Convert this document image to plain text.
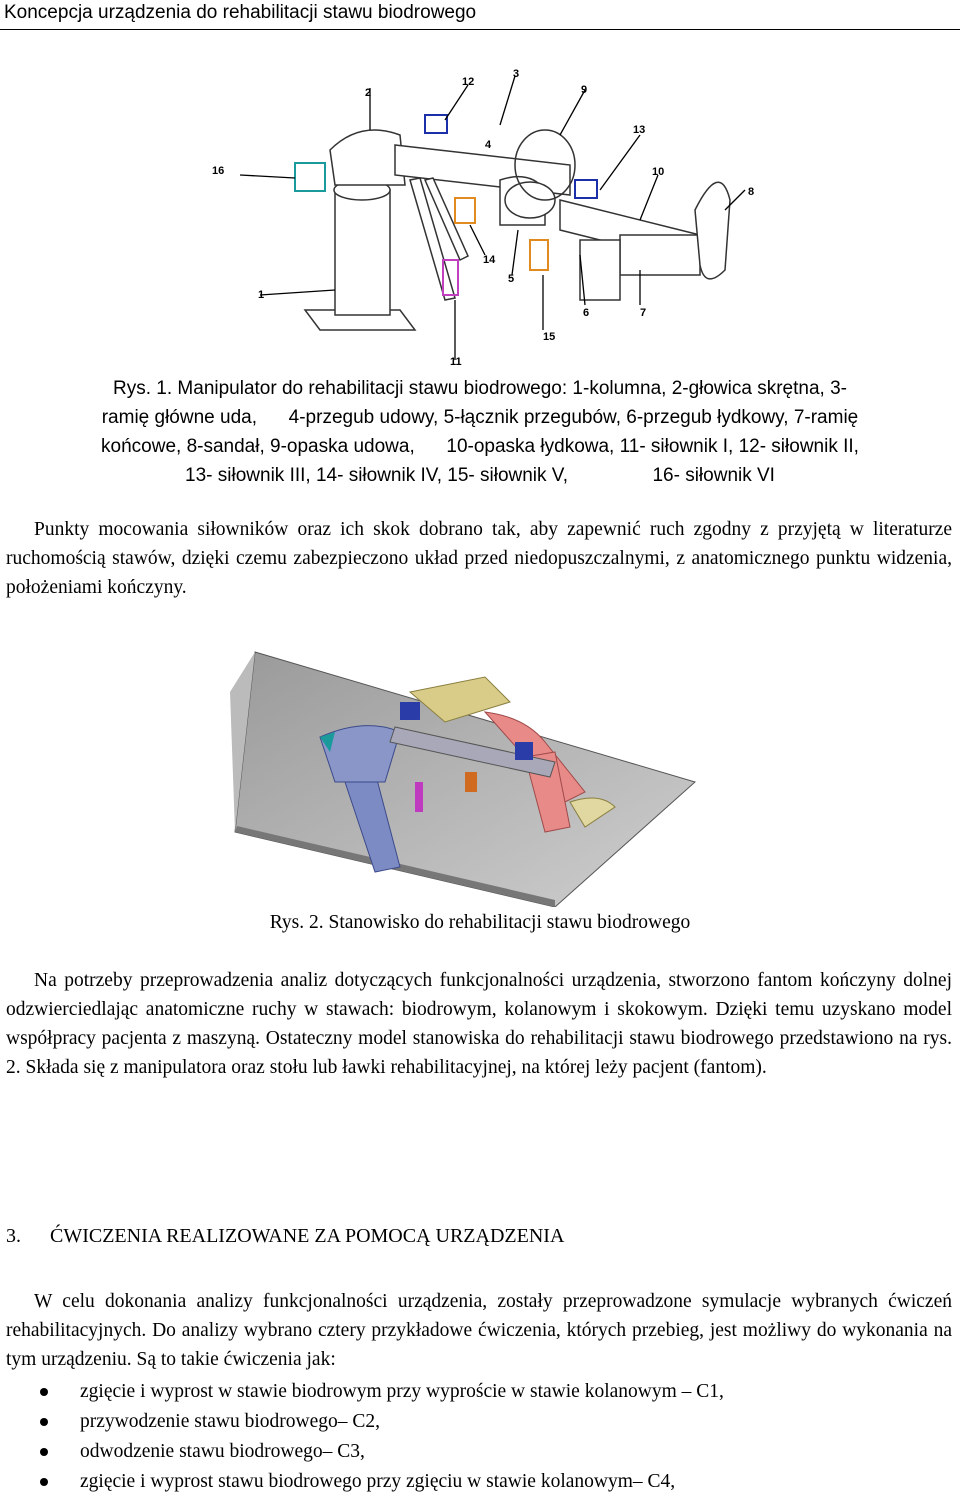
Koncepcja urządzenia do rehabilitacji stawu biodrowego
2
12
3
9
13
4
10
8
16
1
14
5
6	7
15
11
Rys. 1. Manipulator do rehabilitacji stawu biodrowego: 1-kolumna, 2-głowica skrętna, 3-
ramię główne uda,      4-przegub udowy, 5-łącznik przegubów, 6-przegub łydkowy, 7-ramię
końcowe, 8-sandał, 9-opaska udowa,      10-opaska łydkowa, 11- siłownik I, 12- siłownik II,
13- siłownik III, 14- siłownik IV, 15- siłownik V,                16- siłownik VI
Punkty mocowania siłowników oraz ich skok dobrano tak, aby zapewnić ruch zgodny z przyjętą w literaturze ruchomością stawów, dzięki czemu zabezpieczono układ przed niedopuszczalnymi, z anatomicznego punktu widzenia, położeniami kończyny.
Rys. 2. Stanowisko do rehabilitacji stawu biodrowego
Na potrzeby przeprowadzenia analiz dotyczących funkcjonalności urządzenia, stworzono fantom kończyny dolnej odzwierciedlając anatomiczne ruchy w stawach: biodrowym, kolanowym i skokowym. Dzięki temu uzyskano model współpracy pacjenta z maszyną. Ostateczny model stanowiska do rehabilitacji stawu biodrowego przedstawiono na rys. 2. Składa się z manipulatora oraz stołu lub ławki rehabilitacyjnej, na której leży pacjent (fantom).
3. ĆWICZENIA REALIZOWANE ZA POMOCĄ URZĄDZENIA
W celu dokonania analizy funkcjonalności urządzenia, zostały przeprowadzone symulacje wybranych ćwiczeń rehabilitacyjnych. Do analizy wybrano cztery przykładowe ćwiczenia, których przebieg, jest możliwy do wykonania na tym urządzeniu. Są to takie ćwiczenia jak:
zgięcie i wyprost w stawie biodrowym przy wyproście w stawie kolanowym – C1,
przywodzenie stawu biodrowego– C2,
odwodzenie stawu biodrowego– C3,
zgięcie i wyprost stawu biodrowego przy zgięciu w stawie kolanowym– C4,
